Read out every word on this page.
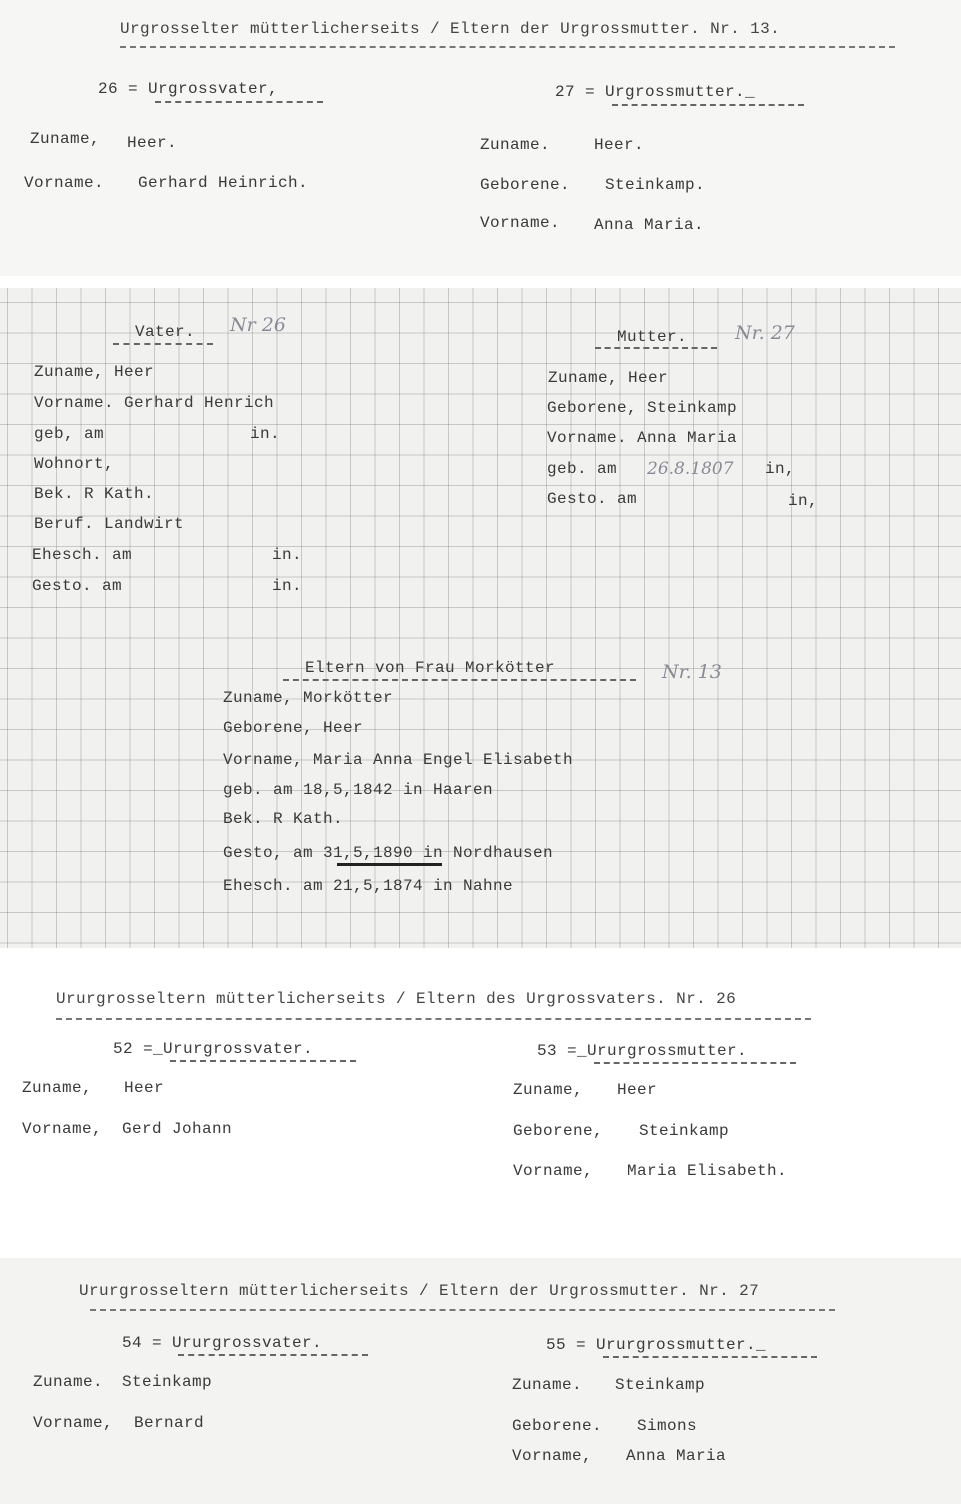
Urgrosselter mütterlicherseits / Eltern der Urgrossmutter. Nr. 13.
26 = Urgrossvater,	27 = Urgrossmutter._
Zuname, Heer.
Vorname. Gerhard Heinrich.
Zuname.	Heer.
Geborene. Steinkamp.
Vorname. Anna Maria.
Vater. Nr 26
Zuname, Heer
Vorname. Gerhard Henrich
geb, am	in.
Wohnort,
Bek. R Kath.
Beruf. Landwirt
Ehesch. am	in.
Gesto. am	in.
Mutter.	Nr. 27
Zuname, Heer
Geborene, Steinkamp
Vorname. Anna Maria
geb. am 26.8.1807 in,
Gesto. am	in,
Eltern von Frau Morkötter	Nr. 13
Zuname, Morkötter
Geborene, Heer
Vorname, Maria Anna Engel Elisabeth
geb. am 18,5,1842 in Haaren
Bek. R Kath.
Gesto, am 31,5,1890 in Nordhausen
Ehesch. am 21,5,1874 in Nahne
Ururgrosseltern mütterlicherseits / Eltern des Urgrossvaters. Nr. 26
52 =_Ururgrossvater.	53 =_Ururgrossmutter.
Zuname, Heer
Vorname, Gerd Johann
Zuname, Heer
Geborene, Steinkamp
Vorname, Maria Elisabeth.
Ururgrosseltern mütterlicherseits / Eltern der Urgrossmutter. Nr. 27
54 = Ururgrossvater.	55 = Ururgrossmutter._
Zuname. Steinkamp
Vorname, Bernard
Zuname. Steinkamp
Geborene. Simons
Vorname, Anna Maria
